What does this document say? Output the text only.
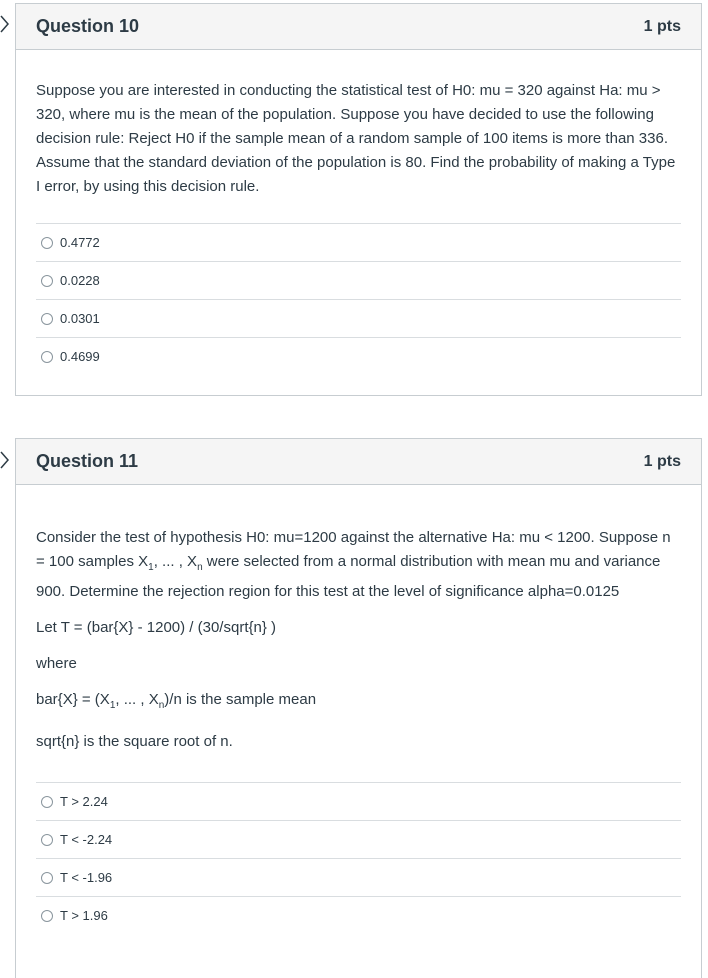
Question 10	1 pts

Suppose you are interested in conducting the statistical test of H0: mu = 320 against Ha: mu > 320, where mu is the mean of the population. Suppose you have decided to use the following decision rule: Reject H0 if the sample mean of a random sample of 100 items is more than 336. Assume that the standard deviation of the population is 80. Find the probability of making a Type I error, by using this decision rule.

0.4772
0.0228
0.0301
0.4699
Question 11	1 pts

Consider the test of hypothesis H0: mu=1200 against the alternative Ha: mu < 1200. Suppose n = 100 samples $X_1$, ... , $X_n$ were selected from a normal distribution with mean mu and variance 900. Determine the rejection region for this test at the level of significance alpha=0.0125

Let T = (bar{X} - 1200) / (30/sqrt{n} )

where

$bar\{X\} = (X_1$, ... , $X_n)/n$ is the sample mean

sqrt{n} is the square root of n.

T > 2.24
T < -2.24
T < -1.96
T > 1.96
